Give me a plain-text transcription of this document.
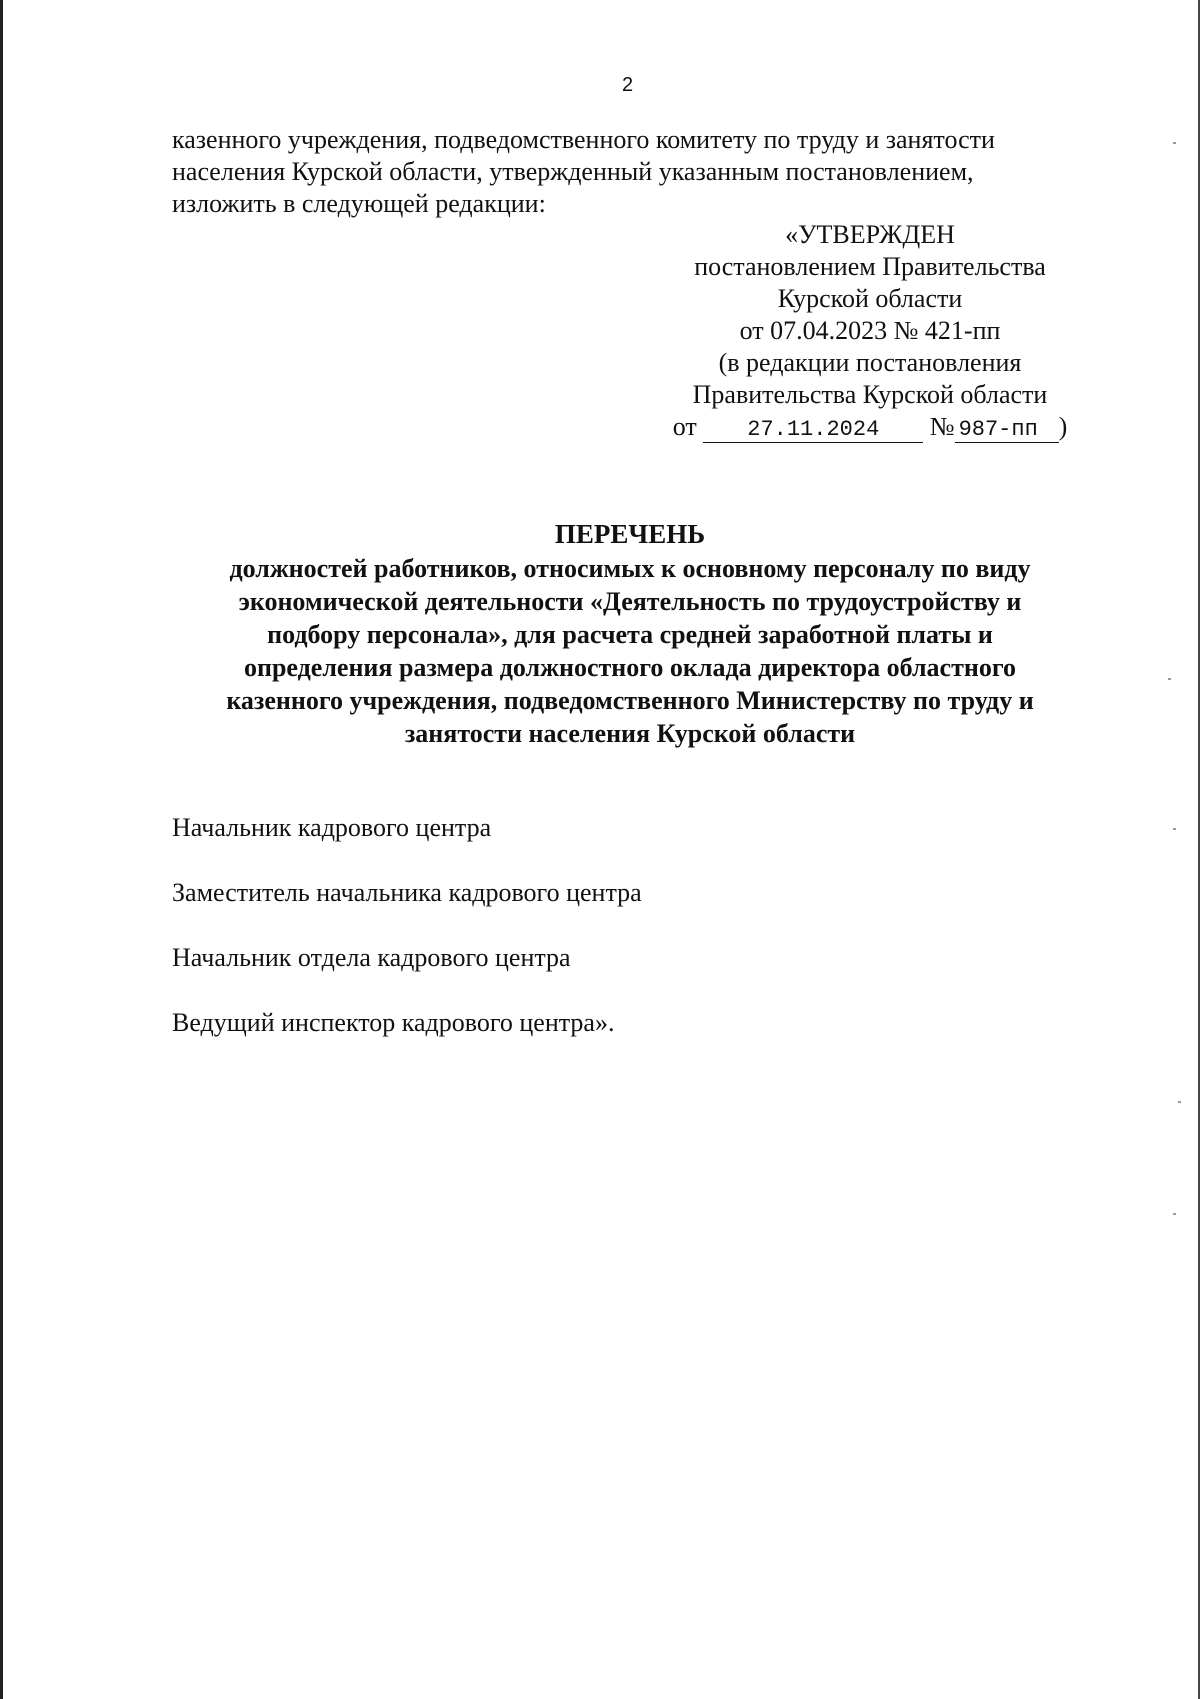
2

казенного учреждения, подведомственного комитету по труду и занятости
населения Курской области, утвержденный указанным постановлением,
изложить в следующей редакции:

«УТВЕРЖДЕН
постановлением Правительства
Курской области
от 07.04.2023 № 421-пп
(в редакции постановления
Правительства Курской области
от 27.11.2024 № 987-пп )
ПЕРЕЧЕНЬ
должностей работников, относимых к основному персоналу по виду
экономической деятельности «Деятельность по трудоустройству и
подбору персонала», для расчета средней заработной платы и
определения размера должностного оклада директора областного
казенного учреждения, подведомственного Министерству по труду и
занятости населения Курской области
Начальник кадрового центра
Заместитель начальника кадрового центра
Начальник отдела кадрового центра
Ведущий инспектор кадрового центра».
